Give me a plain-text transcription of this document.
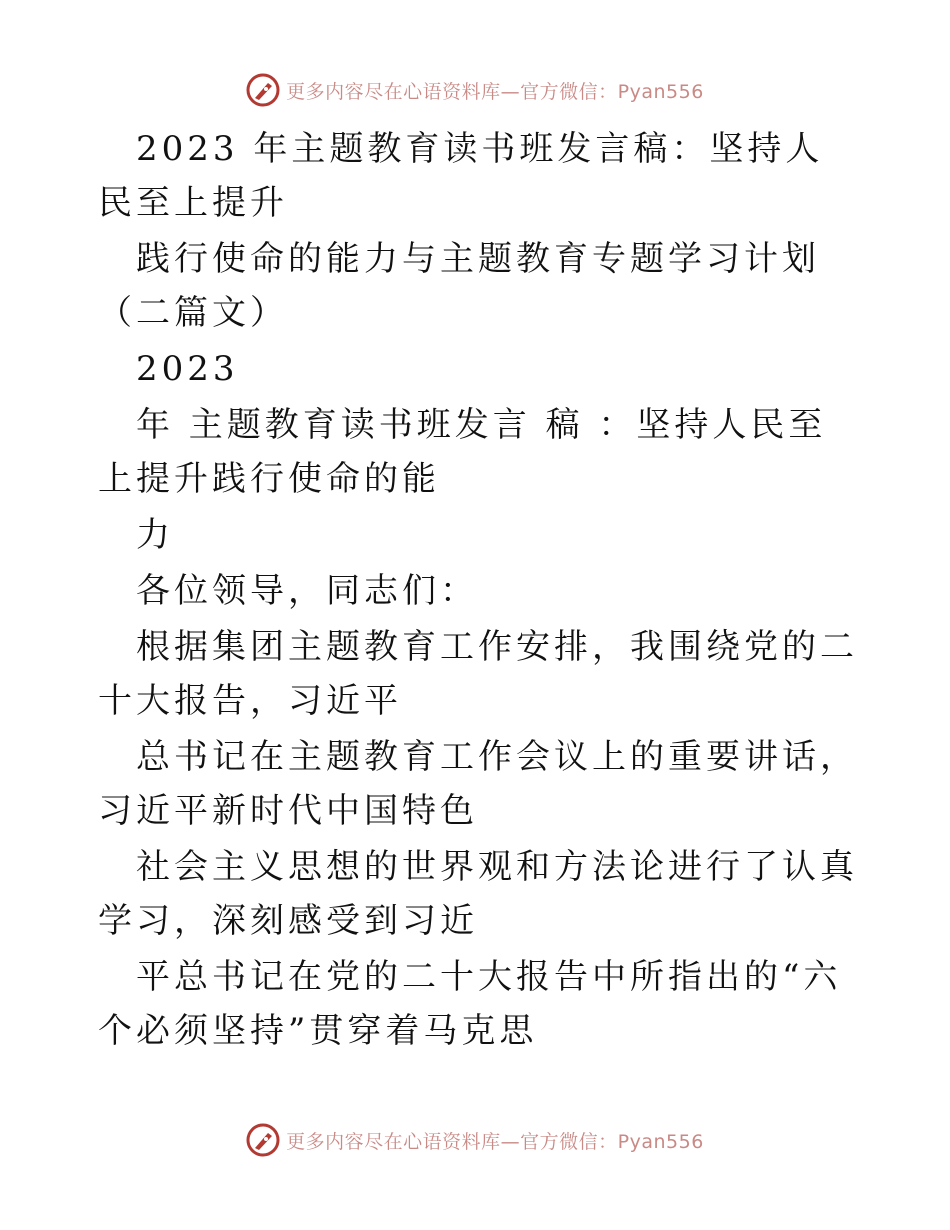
更多内容尽在心语资料库—官方微信：Pyan556

2023 年主题教育读书班发言稿：坚持人民至上提升

践行使命的能力与主题教育专题学习计划（二篇文）

2023

年 主题教育读书班发言 稿 ：坚持人民至上提升践行使命的能

力

各位领导，同志们：

根据集团主题教育工作安排，我围绕党的二十大报告，习近平

总书记在主题教育工作会议上的重要讲话，习近平新时代中国特色

社会主义思想的世界观和方法论进行了认真学习，深刻感受到习近

平总书记在党的二十大报告中所指出的“六个必须坚持”贯穿着马克思

更多内容尽在心语资料库—官方微信：Pyan556
